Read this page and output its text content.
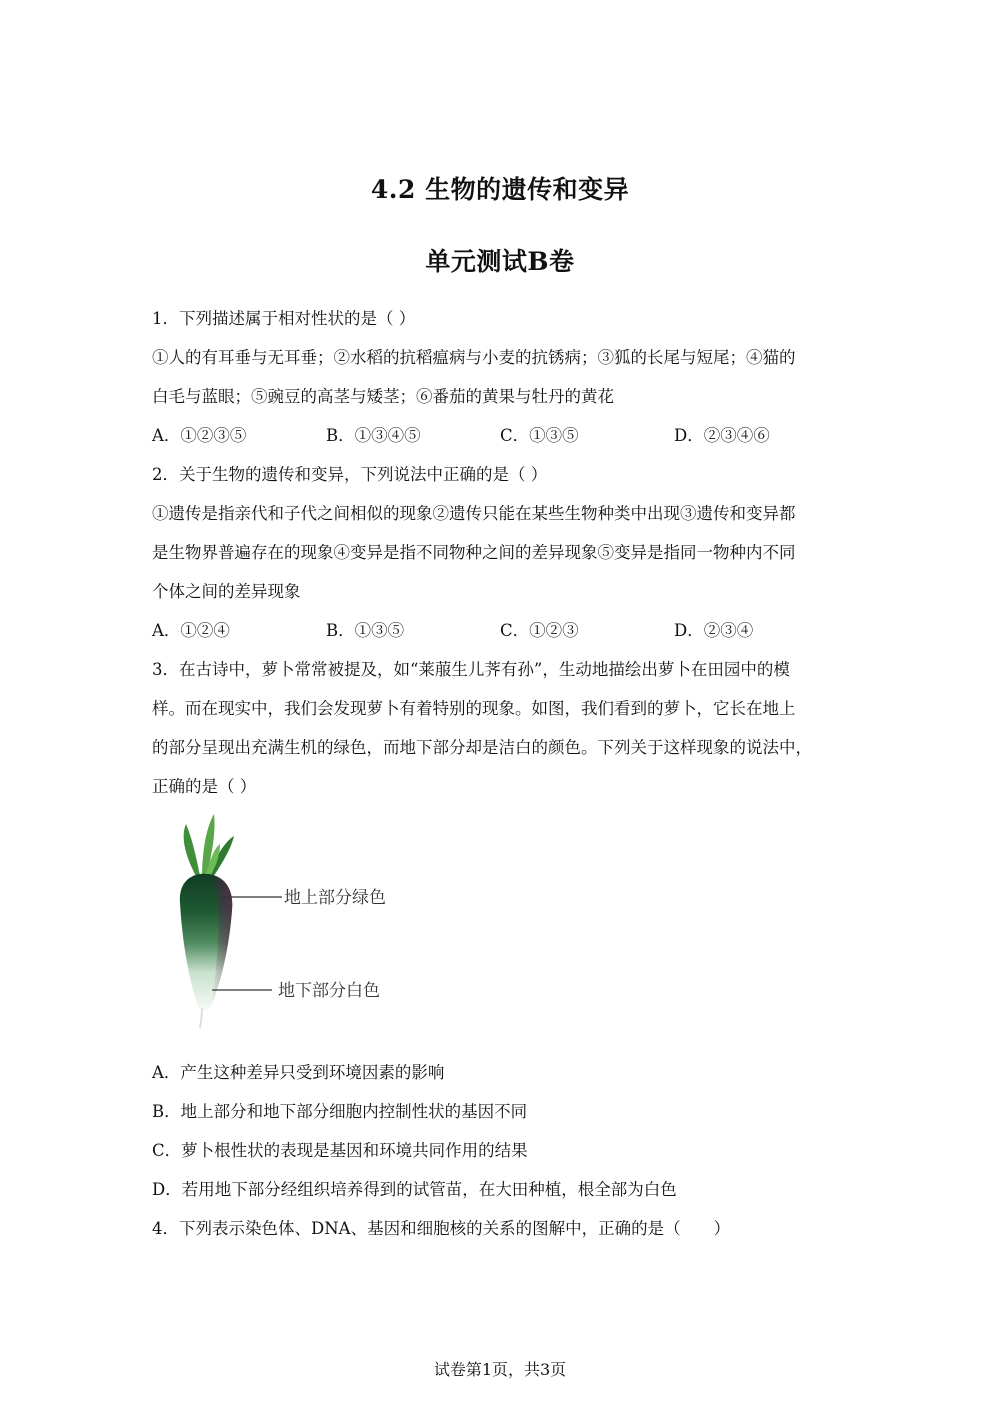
4.2 生物的遗传和变异
单元测试B卷
1．下列描述属于相对性状的是（ ）
①人的有耳垂与无耳垂；②水稻的抗稻瘟病与小麦的抗锈病；③狐的长尾与短尾；④猫的
白毛与蓝眼；⑤豌豆的高茎与矮茎；⑥番茄的黄果与牡丹的黄花
A．①②③⑤	B．①③④⑤	C．①③⑤	D．②③④⑥
2．关于生物的遗传和变异，下列说法中正确的是（ ）
①遗传是指亲代和子代之间相似的现象②遗传只能在某些生物种类中出现③遗传和变异都
是生物界普遍存在的现象④变异是指不同物种之间的差异现象⑤变异是指同一物种内不同
个体之间的差异现象
A．①②④	B．①③⑤	C．①②③	D．②③④
3．在古诗中，萝卜常常被提及，如“莱菔生儿荠有孙”，生动地描绘出萝卜在田园中的模
样。而在现实中，我们会发现萝卜有着特别的现象。如图，我们看到的萝卜，它长在地上
的部分呈现出充满生机的绿色，而地下部分却是洁白的颜色。下列关于这样现象的说法中，
正确的是（ ）
地上部分绿色
地下部分白色
A．产生这种差异只受到环境因素的影响
B．地上部分和地下部分细胞内控制性状的基因不同
C．萝卜根性状的表现是基因和环境共同作用的结果
D．若用地下部分经组织培养得到的试管苗，在大田种植，根全部为白色
4．下列表示染色体、DNA、基因和细胞核的关系的图解中，正确的是（　　）
试卷第1页，共3页
